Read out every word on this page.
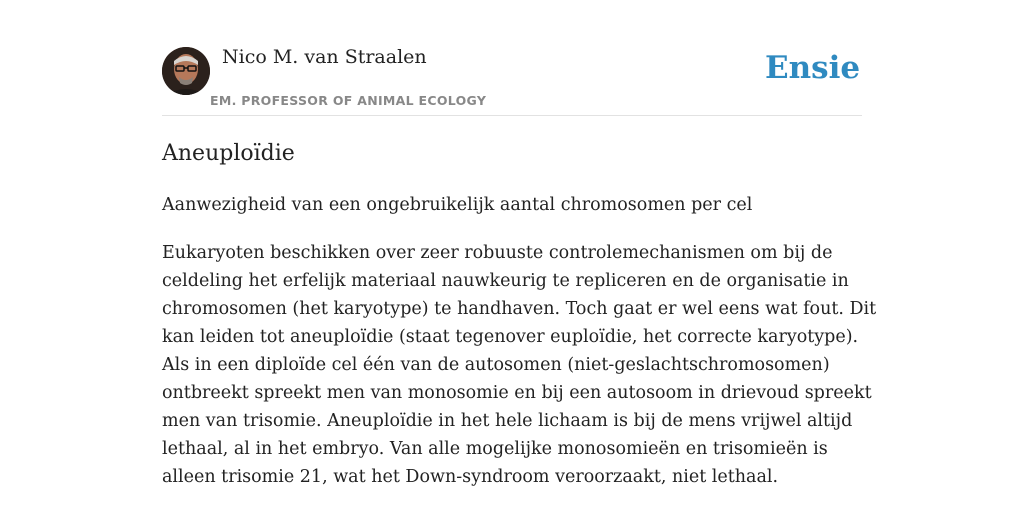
Nico M. van Straalen
EM. PROFESSOR OF ANIMAL ECOLOGY
Ensie
Aneuploïdie
Aanwezigheid van een ongebruikelijk aantal chromosomen per cel
Eukaryoten beschikken over zeer robuuste controlemechanismen om bij de
celdeling het erfelijk materiaal nauwkeurig te repliceren en de organisatie in
chromosomen (het karyotype) te handhaven. Toch gaat er wel eens wat fout. Dit
kan leiden tot aneuploïdie (staat tegenover euploïdie, het correcte karyotype).
Als in een diploïde cel één van de autosomen (niet-geslachtschromosomen)
ontbreekt spreekt men van monosomie en bij een autosoom in drievoud spreekt
men van trisomie. Aneuploïdie in het hele lichaam is bij de mens vrijwel altijd
lethaal, al in het embryo. Van alle mogelijke monosomieën en trisomieën is
alleen trisomie 21, wat het Down-syndroom veroorzaakt, niet lethaal.
